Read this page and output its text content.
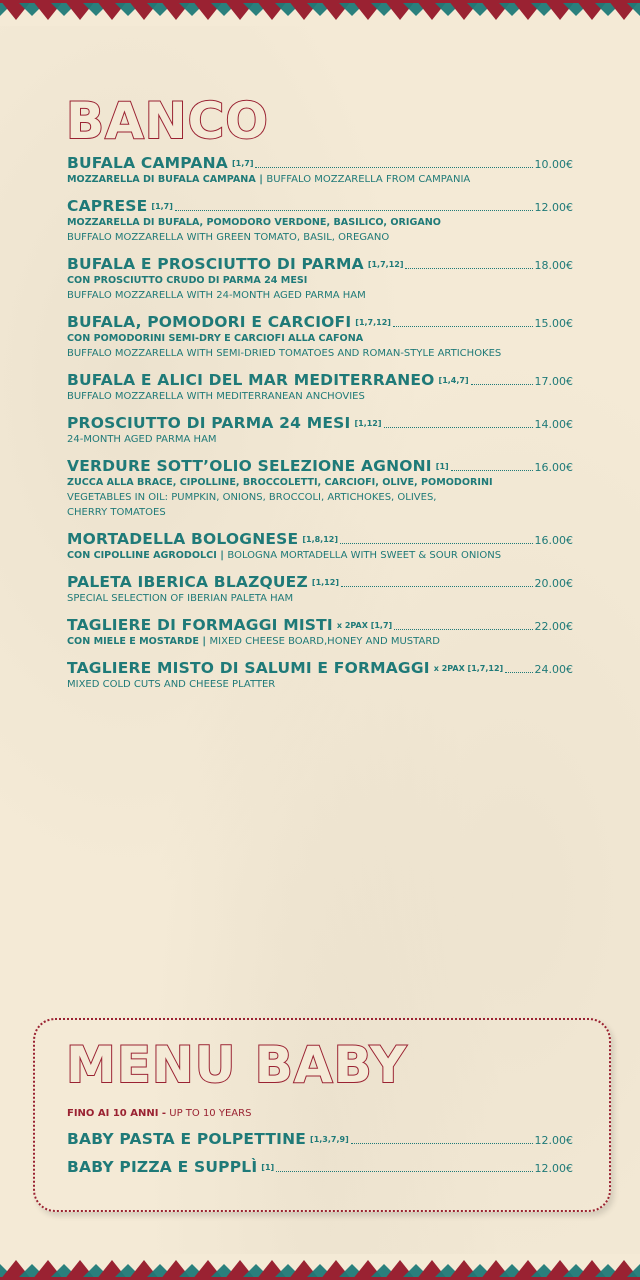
BANCO
BUFALA CAMPANA [1,7]	10.00€
MOZZARELLA DI BUFALA CAMPANA | BUFFALO MOZZARELLA FROM CAMPANIA
CAPRESE [1,7]	12.00€
MOZZARELLA DI BUFALA, POMODORO VERDONE, BASILICO, ORIGANO
BUFFALO MOZZARELLA WITH GREEN TOMATO, BASIL, OREGANO
BUFALA E PROSCIUTTO DI PARMA [1,7,12]	18.00€
CON PROSCIUTTO CRUDO DI PARMA 24 MESI
BUFFALO MOZZARELLA WITH 24-MONTH AGED PARMA HAM
BUFALA, POMODORI E CARCIOFI [1,7,12]	15.00€
CON POMODORINI SEMI-DRY E CARCIOFI ALLA CAFONA
BUFFALO MOZZARELLA WITH SEMI-DRIED TOMATOES AND ROMAN-STYLE ARTICHOKES
BUFALA E ALICI DEL MAR MEDITERRANEO [1,4,7]	17.00€
BUFFALO MOZZARELLA WITH MEDITERRANEAN ANCHOVIES
PROSCIUTTO DI PARMA 24 MESI [1,12]	14.00€
24-MONTH AGED PARMA HAM
VERDURE SOTT’OLIO SELEZIONE AGNONI [1]	16.00€
ZUCCA ALLA BRACE, CIPOLLINE, BROCCOLETTI, CARCIOFI, OLIVE, POMODORINI
VEGETABLES IN OIL: PUMPKIN, ONIONS, BROCCOLI, ARTICHOKES, OLIVES,
CHERRY TOMATOES
MORTADELLA BOLOGNESE [1,8,12]	16.00€
CON CIPOLLINE AGRODOLCI | BOLOGNA MORTADELLA WITH SWEET & SOUR ONIONS
PALETA IBERICA BLAZQUEZ [1,12]	20.00€
SPECIAL SELECTION OF IBERIAN PALETA HAM
TAGLIERE DI FORMAGGI MISTI x 2PAX [1,7]	22.00€
CON MIELE E MOSTARDE | MIXED CHEESE BOARD,HONEY AND MUSTARD
TAGLIERE MISTO DI SALUMI E FORMAGGI x 2PAX [1,7,12]	24.00€
MIXED COLD CUTS AND CHEESE PLATTER
MENU BABY
FINO AI 10 ANNI - UP TO 10 YEARS
BABY PASTA E POLPETTINE [1,3,7,9]	12.00€
BABY PIZZA E SUPPLÌ [1]	12.00€
